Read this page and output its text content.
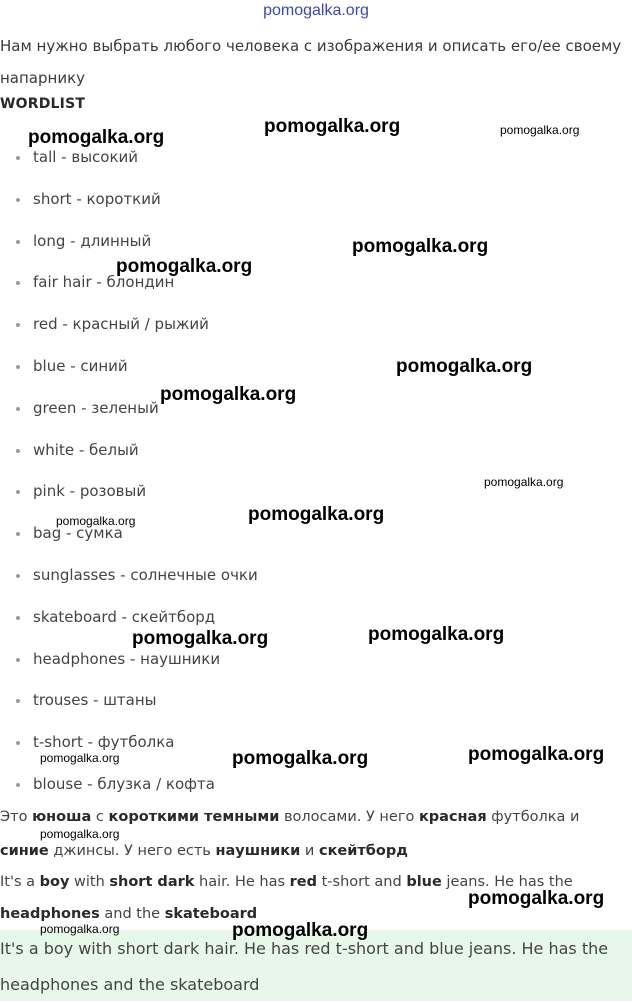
pomogalka.org
Нам нужно выбрать любого человека с изображения и описать его/ее своему напарнику
WORDLIST
tall - высокий
short - короткий
long - длинный
fair hair - блондин
red - красный / рыжий
blue - синий
green - зеленый
white - белый
pink - розовый
bag - сумка
sunglasses - солнечные очки
skateboard - скейтборд
headphones - наушники
trouses - штаны
t-short - футболка
blouse - блузка / кофта
Это юноша с короткими темными волосами. У него красная футболка и синие джинсы. У него есть наушники и скейтборд
It's a boy with short dark hair. He has red t-short and blue jeans. He has the headphones and the skateboard
It's a boy with short dark hair. He has red t-short and blue jeans. He has the headphones and the skateboard
pomogalka.org
pomogalka.org	pomogalka.org
pomogalka.org
pomogalka.org
pomogalka.org
pomogalka.org
pomogalka.org
pomogalka.org
pomogalka.org
pomogalka.org
pomogalka.org
pomogalka.org
pomogalka.org	pomogalka.org
pomogalka.org
pomogalka.org
pomogalka.org	pomogalka.org
